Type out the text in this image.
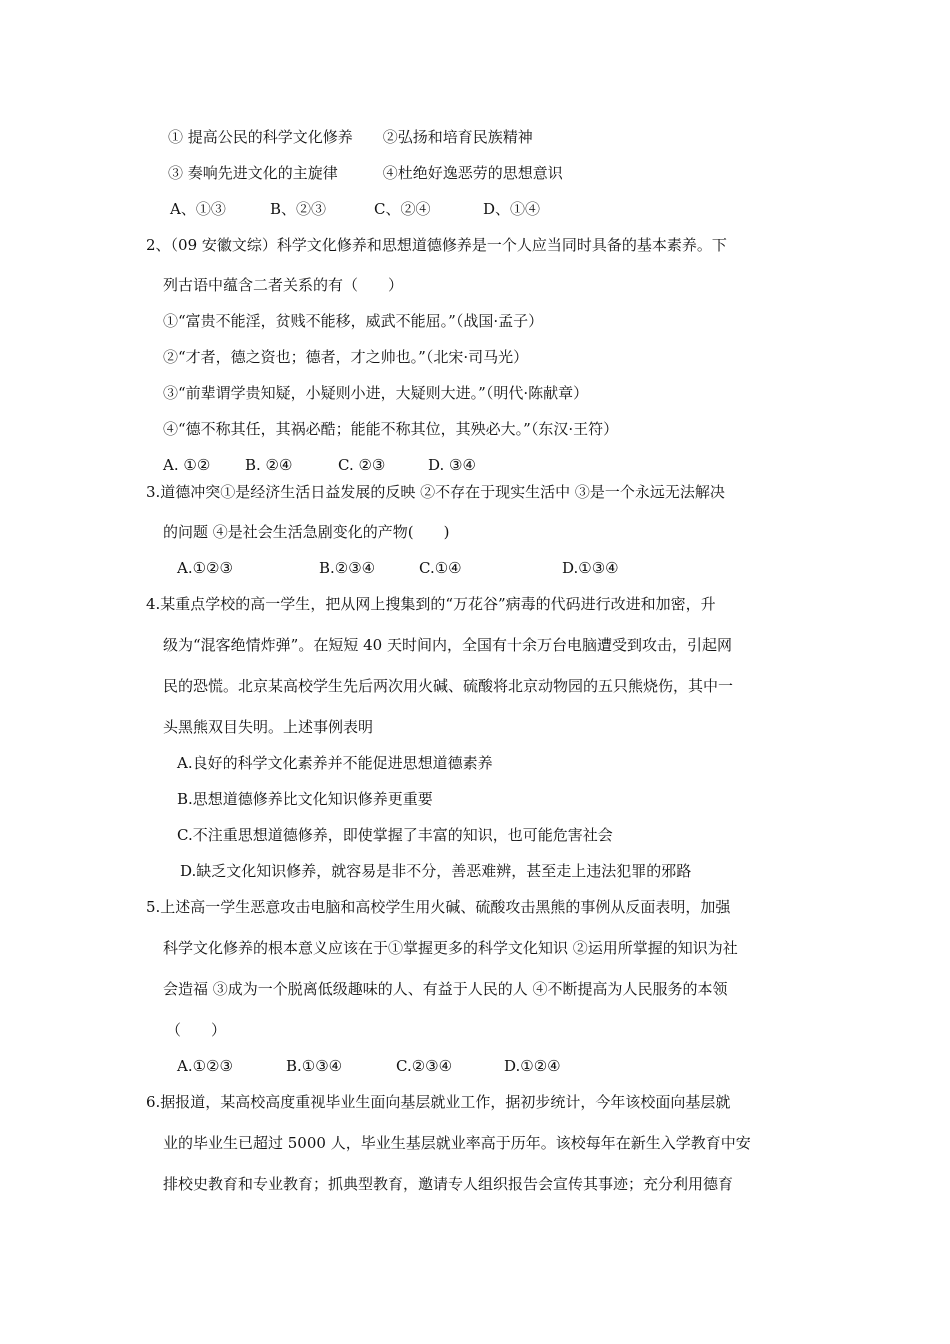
① 提高公民的科学文化修养　　②弘扬和培育民族精神
③ 奏响先进文化的主旋律　　　④杜绝好逸恶劳的思想意识
A、①③	B、②③	C、②④	D、①④
2、（09 安徽文综）科学文化修养和思想道德修养是一个人应当同时具备的基本素养。下
列古语中蕴含二者关系的有（　　）
①“富贵不能淫，贫贱不能移，威武不能屈。”（战国·孟子）
②“才者，德之资也；德者，才之帅也。”（北宋·司马光）
③“前辈谓学贵知疑，小疑则小进，大疑则大进。”（明代·陈献章）
④“德不称其任，其祸必酷；能能不称其位，其殃必大。”（东汉·王符）
A. ①② B. ②④	C. ②③	D. ③④
3.道德冲突①是经济生活日益发展的反映 ②不存在于现实生活中 ③是一个永远无法解决
的问题 ④是社会生活急剧变化的产物(　　)
A.①②③	B.②③④	C.①④	D.①③④
4.某重点学校的高一学生，把从网上搜集到的“万花谷”病毒的代码进行改进和加密，升
级为“混客绝情炸弹”。在短短 40 天时间内，全国有十余万台电脑遭受到攻击，引起网
民的恐慌。北京某高校学生先后两次用火碱、硫酸将北京动物园的五只熊烧伤，其中一
头黑熊双目失明。上述事例表明
A.良好的科学文化素养并不能促进思想道德素养
B.思想道德修养比文化知识修养更重要
C.不注重思想道德修养，即使掌握了丰富的知识，也可能危害社会
D.缺乏文化知识修养，就容易是非不分，善恶难辨，甚至走上违法犯罪的邪路
5.上述高一学生恶意攻击电脑和高校学生用火碱、硫酸攻击黑熊的事例从反面表明，加强
科学文化修养的根本意义应该在于①掌握更多的科学文化知识 ②运用所掌握的知识为社
会造福 ③成为一个脱离低级趣味的人、有益于人民的人 ④不断提高为人民服务的本领
（　　）
A.①②③	B.①③④	C.②③④	D.①②④
6.据报道，某高校高度重视毕业生面向基层就业工作，据初步统计，今年该校面向基层就
业的毕业生已超过 5000 人，毕业生基层就业率高于历年。该校每年在新生入学教育中安
排校史教育和专业教育；抓典型教育，邀请专人组织报告会宣传其事迹；充分利用德育
